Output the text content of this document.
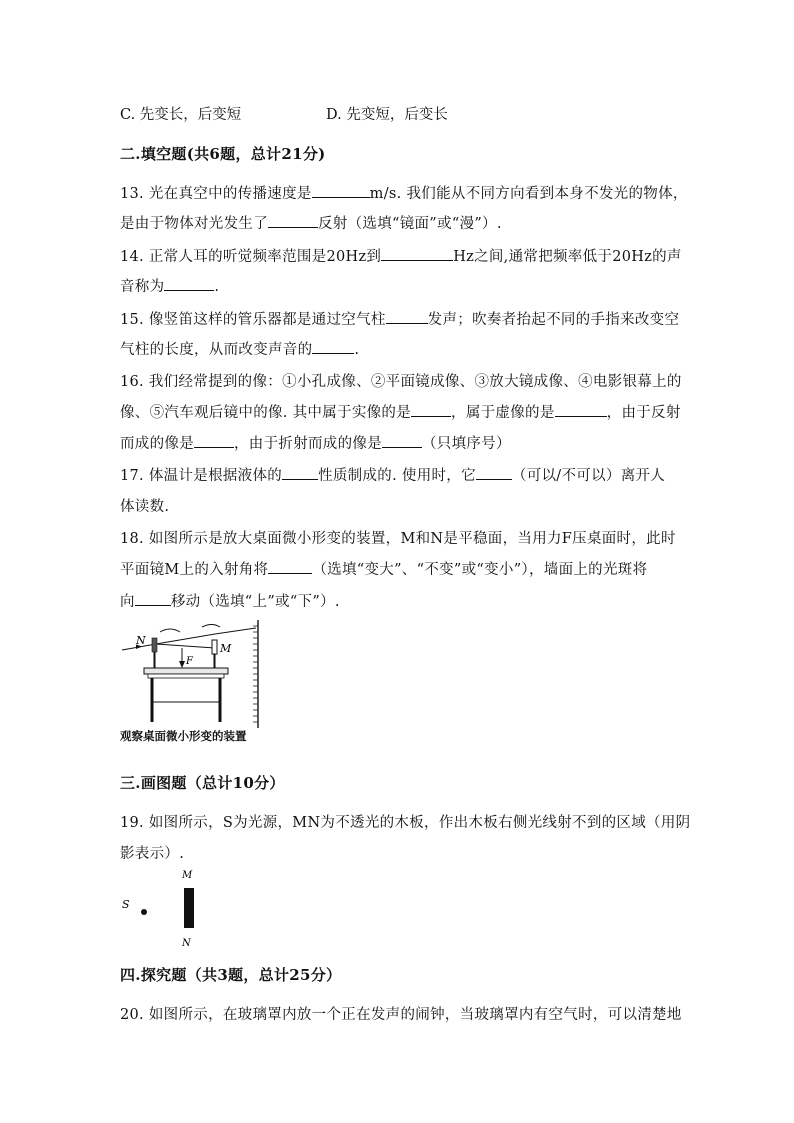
C. 先变长，后变短	D. 先变短，后变长
二.填空题(共6题，总计21分)
13. 光在真空中的传播速度是	m/s. 我们能从不同方向看到本身不发光的物体，
是由于物体对光发生了	反射（选填“镜面”或“漫”）.
14. 正常人耳的听觉频率范围是20Hz到	Hz之间,通常把频率低于20Hz的声
音称为	.
15. 像竖笛这样的管乐器都是通过空气柱	发声；吹奏者抬起不同的手指来改变空
气柱的长度，从而改变声音的	.
16. 我们经常提到的像：①小孔成像、②平面镜成像、③放大镜成像、④电影银幕上的
像、⑤汽车观后镜中的像. 其中属于实像的是	，属于虚像的是	，由于反射
而成的像是	，由于折射而成的像是	（只填序号）
17. 体温计是根据液体的 性质制成的. 使用时，它 （可以/不可以）离开人
体读数.
18. 如图所示是放大桌面微小形变的装置，M和N是平稳面，当用力F压桌面时，此时
平面镜M上的入射角将	（选填“变大”、“不变”或“变小”），墙面上的光斑将
向 移动（选填“上”或“下”）.
N
M
F
观察桌面微小形变的装置
三.画图题（总计10分）
19. 如图所示，S为光源，MN为不透光的木板，作出木板右侧光线射不到的区域（用阴
影表示）.
S
M
N
四.探究题（共3题，总计25分）
20. 如图所示，在玻璃罩内放一个正在发声的闹钟，当玻璃罩内有空气时，可以清楚地
